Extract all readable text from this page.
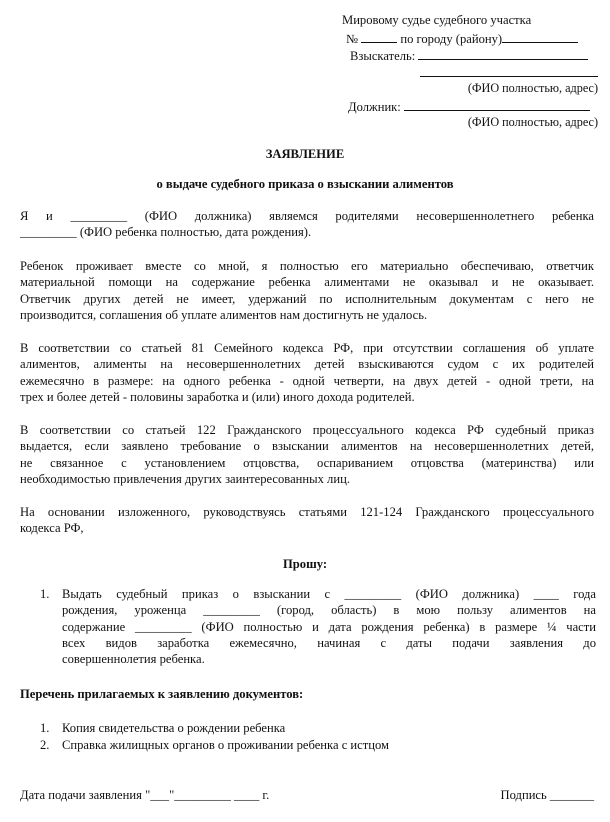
Мировому судье судебного участка
№	по городу (району)
Взыскатель:
(ФИО полностью, адрес)
Должник:
(ФИО полностью, адрес)
ЗАЯВЛЕНИЕ
о выдаче судебного приказа о взыскании алиментов
Я и _________ (ФИО должника) являемся родителями несовершеннолетнего ребенка
_________ (ФИО ребенка полностью, дата рождения).
Ребенок проживает вместе со мной, я полностью его материально обеспечиваю, ответчик
материальной помощи на содержание ребенка алиментами не оказывал и не оказывает.
Ответчик других детей не имеет, удержаний по исполнительным документам с него не
производится, соглашения об уплате алиментов нам достигнуть не удалось.
В соответствии со статьей 81 Семейного кодекса РФ, при отсутствии соглашения об уплате
алиментов, алименты на несовершеннолетних детей взыскиваются судом с их родителей
ежемесячно в размере: на одного ребенка - одной четверти, на двух детей - одной трети, на
трех и более детей - половины заработка и (или) иного дохода родителей.
В соответствии со статьей 122 Гражданского процессуального кодекса РФ судебный приказ
выдается, если заявлено требование о взыскании алиментов на несовершеннолетних детей,
не связанное с установлением отцовства, оспариванием отцовства (материнства) или
необходимостью привлечения других заинтересованных лиц.
На основании изложенного, руководствуясь статьями 121-124 Гражданского процессуального
кодекса РФ,
Прошу:
1. Выдать судебный приказ о взыскании с _________ (ФИО должника) ____ года
рождения, уроженца _________ (город, область) в мою пользу алиментов на
содержание _________ (ФИО полностью и дата рождения ребенка) в размере ¼ части
всех видов заработка ежемесячно, начиная с даты подачи заявления до
совершеннолетия ребенка.
Перечень прилагаемых к заявлению документов:
1. Копия свидетельства о рождении ребенка
2. Справка жилищных органов о проживании ребенка с истцом
Дата подачи заявления "___"_________ ____ г.	Подпись _______
